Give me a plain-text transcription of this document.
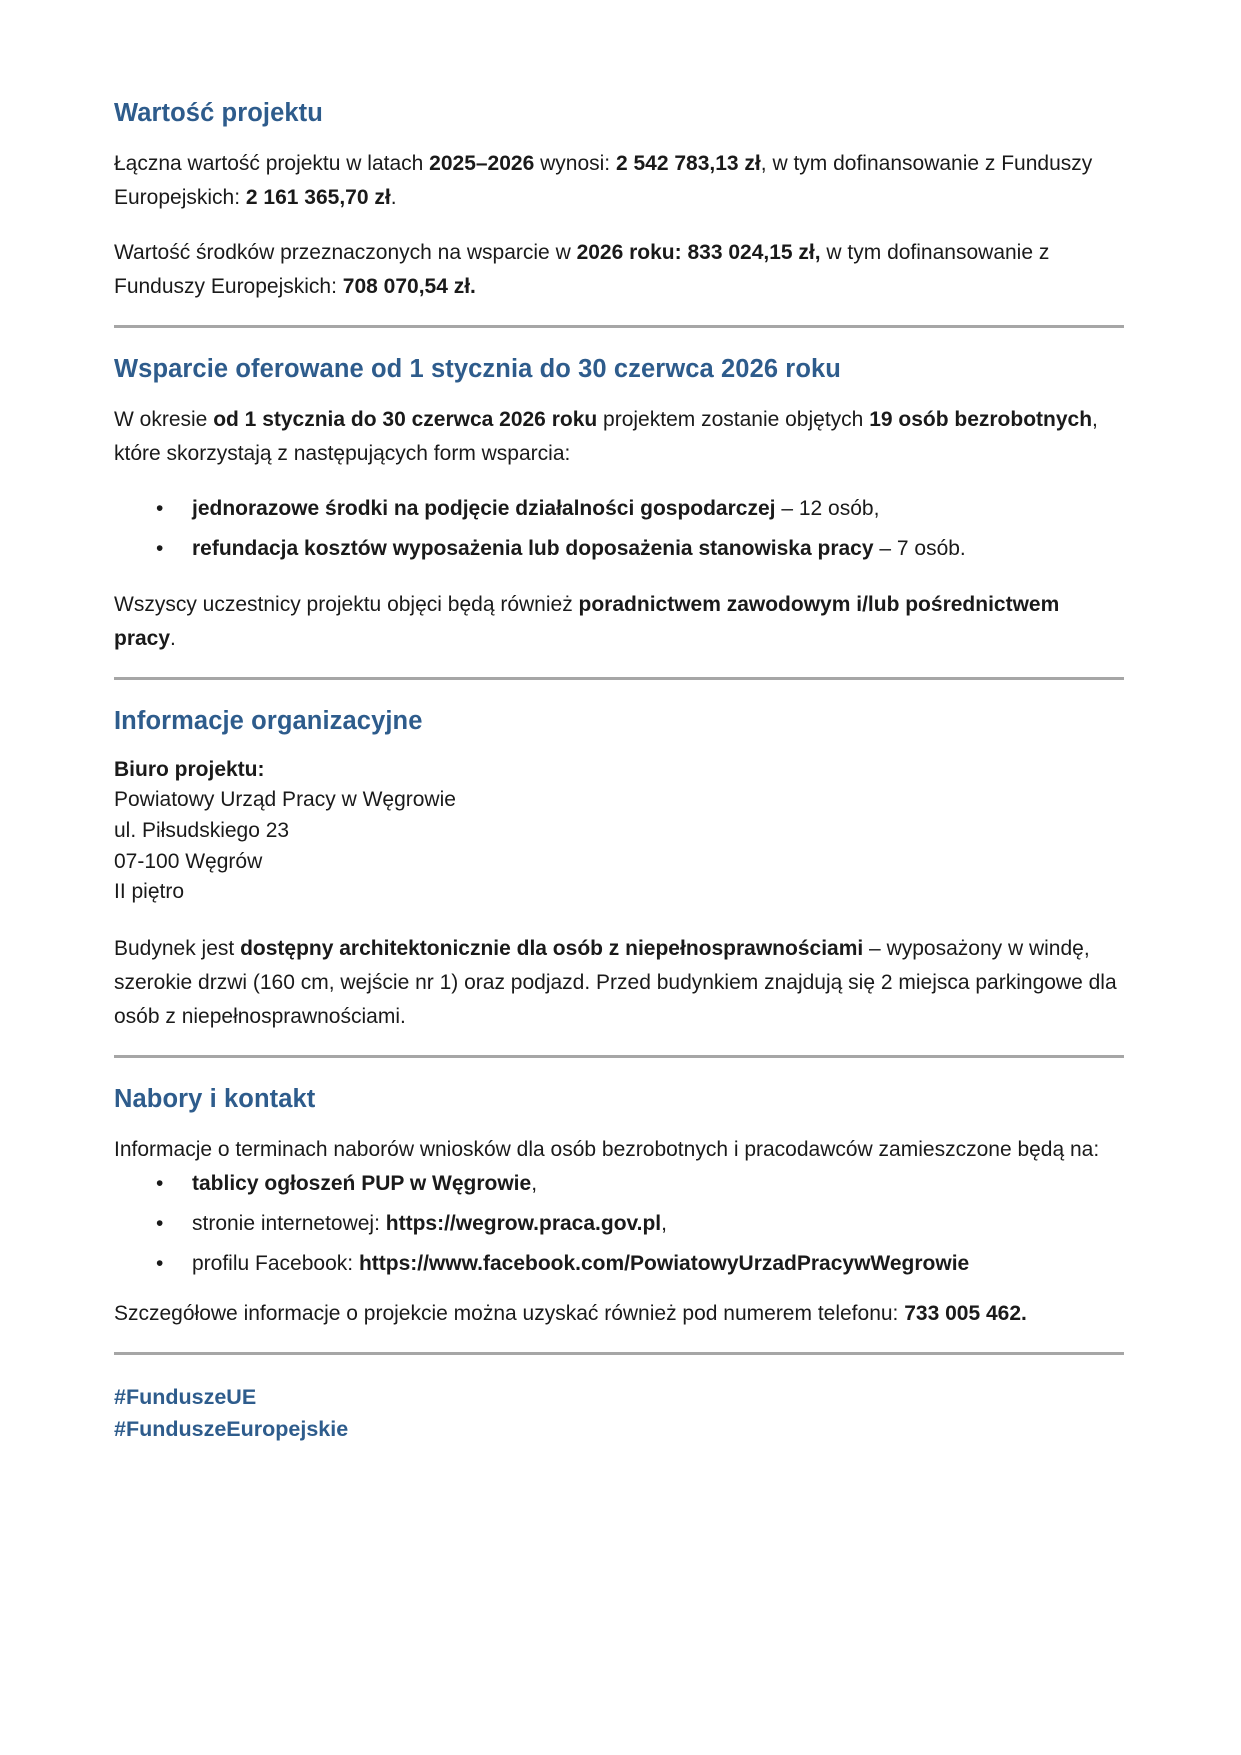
Wartość projektu

Łączna wartość projektu w latach 2025–2026 wynosi: 2 542 783,13 zł, w tym dofinansowanie z Funduszy Europejskich: 2 161 365,70 zł.

Wartość środków przeznaczonych na wsparcie w 2026 roku: 833 024,15 zł, w tym dofinansowanie z Funduszy Europejskich: 708 070,54 zł.

Wsparcie oferowane od 1 stycznia do 30 czerwca 2026 roku

W okresie od 1 stycznia do 30 czerwca 2026 roku projektem zostanie objętych 19 osób bezrobotnych, które skorzystają z następujących form wsparcia:

• jednorazowe środki na podjęcie działalności gospodarczej – 12 osób,
• refundacja kosztów wyposażenia lub doposażenia stanowiska pracy – 7 osób.

Wszyscy uczestnicy projektu objęci będą również poradnictwem zawodowym i/lub pośrednictwem pracy.

Informacje organizacyjne
Biuro projektu:
Powiatowy Urząd Pracy w Węgrowie
ul. Piłsudskiego 23
07-100 Węgrów
II piętro

Budynek jest dostępny architektonicznie dla osób z niepełnosprawnościami – wyposażony w windę, szerokie drzwi (160 cm, wejście nr 1) oraz podjazd. Przed budynkiem znajdują się 2 miejsca parkingowe dla osób z niepełnosprawnościami.

Nabory i kontakt

Informacje o terminach naborów wniosków dla osób bezrobotnych i pracodawców zamieszczone będą na:

• tablicy ogłoszeń PUP w Węgrowie,
• stronie internetowej: https://wegrow.praca.gov.pl,
• profilu Facebook: https://www.facebook.com/PowiatowyUrzadPracywWegrowie

Szczegółowe informacje o projekcie można uzyskać również pod numerem telefonu: 733 005 462.

#FunduszeUE
#FunduszeEuropejskie
